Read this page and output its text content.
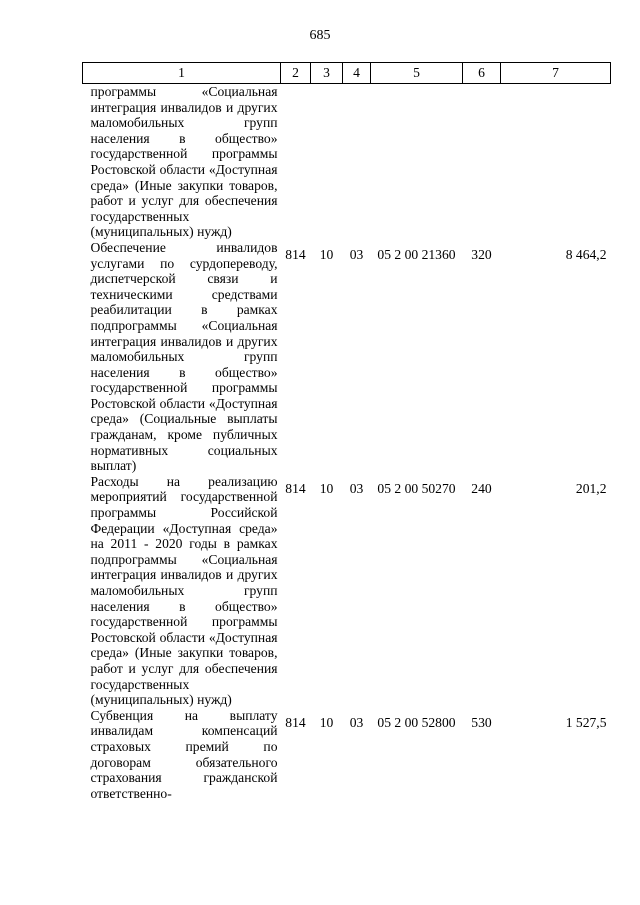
685
1	2	3	4	5	6	7
программы «Социальная интеграция инвалидов и других маломобильных групп населения в общество» государственной программы Ростовской области «Доступная среда» (Иные закупки товаров, работ и услуг для обеспечения государственных (муниципальных) нужд)						
Обеспечение инвалидов услугами по сурдопереводу, диспетчерской связи и техническими средствами реабилитации в рамках подпрограммы «Социальная интеграция инвалидов и других маломобильных групп населения в общество» государственной программы Ростовской области «Доступная среда» (Социальные выплаты гражданам, кроме публичных нормативных социальных выплат)	814	10	03	05 2 00 21360	320	8 464,2
Расходы на реализацию мероприятий государственной программы Российской Федерации «Доступная среда» на 2011 - 2020 годы в рамках подпрограммы «Социальная интеграция инвалидов и других маломобильных групп населения в общество» государственной программы Ростовской области «Доступная среда» (Иные закупки товаров, работ и услуг для обеспечения государственных (муниципальных) нужд)	814	10	03	05 2 00 50270	240	201,2
Субвенция на выплату инвалидам компенсаций страховых премий по договорам обязательного страхования гражданской ответственно-	814	10	03	05 2 00 52800	530	1 527,5
